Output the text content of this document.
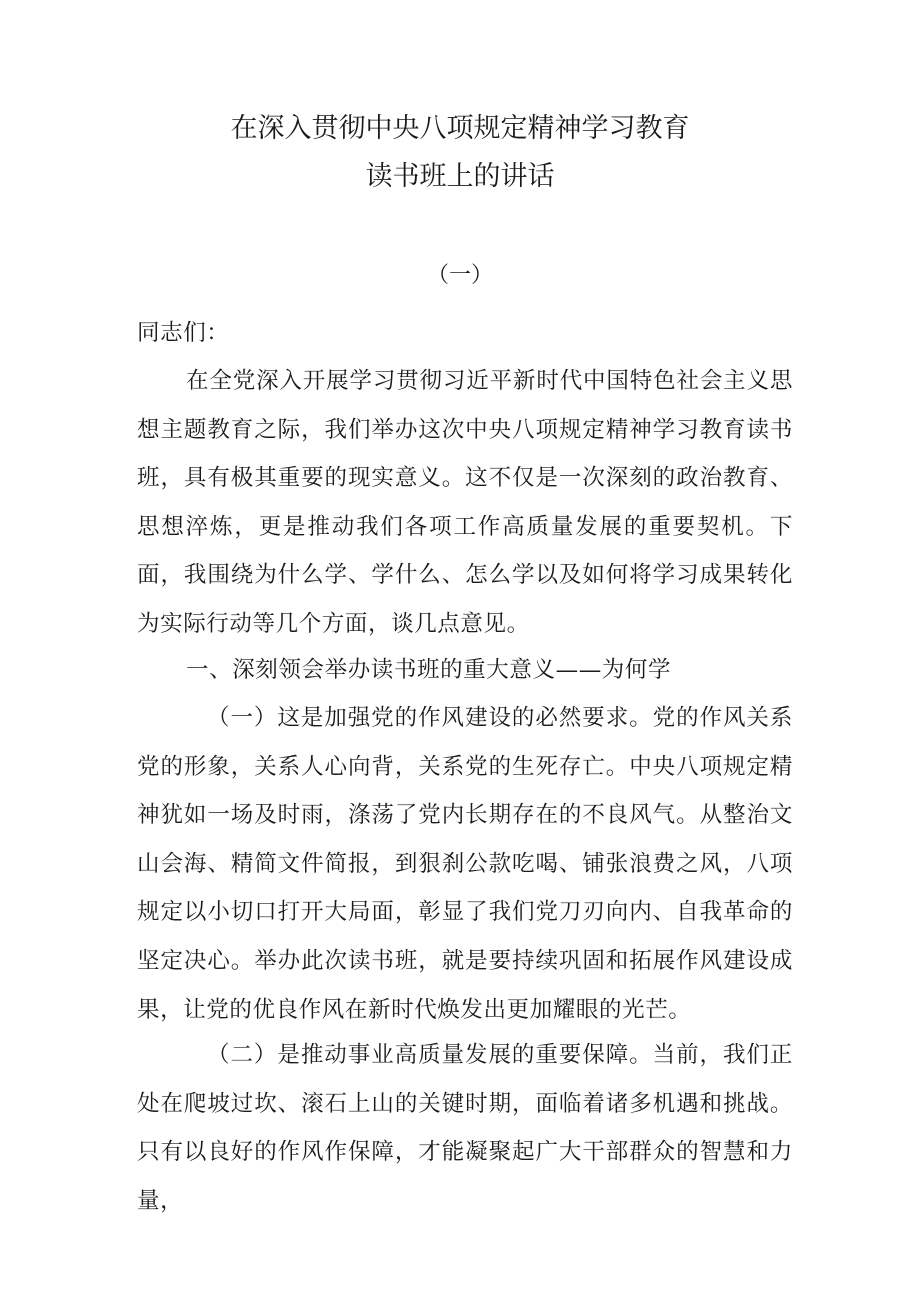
在深入贯彻中央八项规定精神学习教育
读书班上的讲话
（一）

同志们：

在全党深入开展学习贯彻习近平新时代中国特色社会主义思想主题教育之际，我们举办这次中央八项规定精神学习教育读书班，具有极其重要的现实意义。这不仅是一次深刻的政治教育、思想淬炼，更是推动我们各项工作高质量发展的重要契机。下面，我围绕为什么学、学什么、怎么学以及如何将学习成果转化为实际行动等几个方面，谈几点意见。

一、深刻领会举办读书班的重大意义——为何学

（一）这是加强党的作风建设的必然要求。党的作风关系党的形象，关系人心向背，关系党的生死存亡。中央八项规定精神犹如一场及时雨，涤荡了党内长期存在的不良风气。从整治文山会海、精简文件简报，到狠刹公款吃喝、铺张浪费之风，八项规定以小切口打开大局面，彰显了我们党刀刃向内、自我革命的坚定决心。举办此次读书班，就是要持续巩固和拓展作风建设成果，让党的优良作风在新时代焕发出更加耀眼的光芒。

（二）是推动事业高质量发展的重要保障。当前，我们正处在爬坡过坎、滚石上山的关键时期，面临着诸多机遇和挑战。只有以良好的作风作保障，才能凝聚起广大干部群众的智慧和力量，
